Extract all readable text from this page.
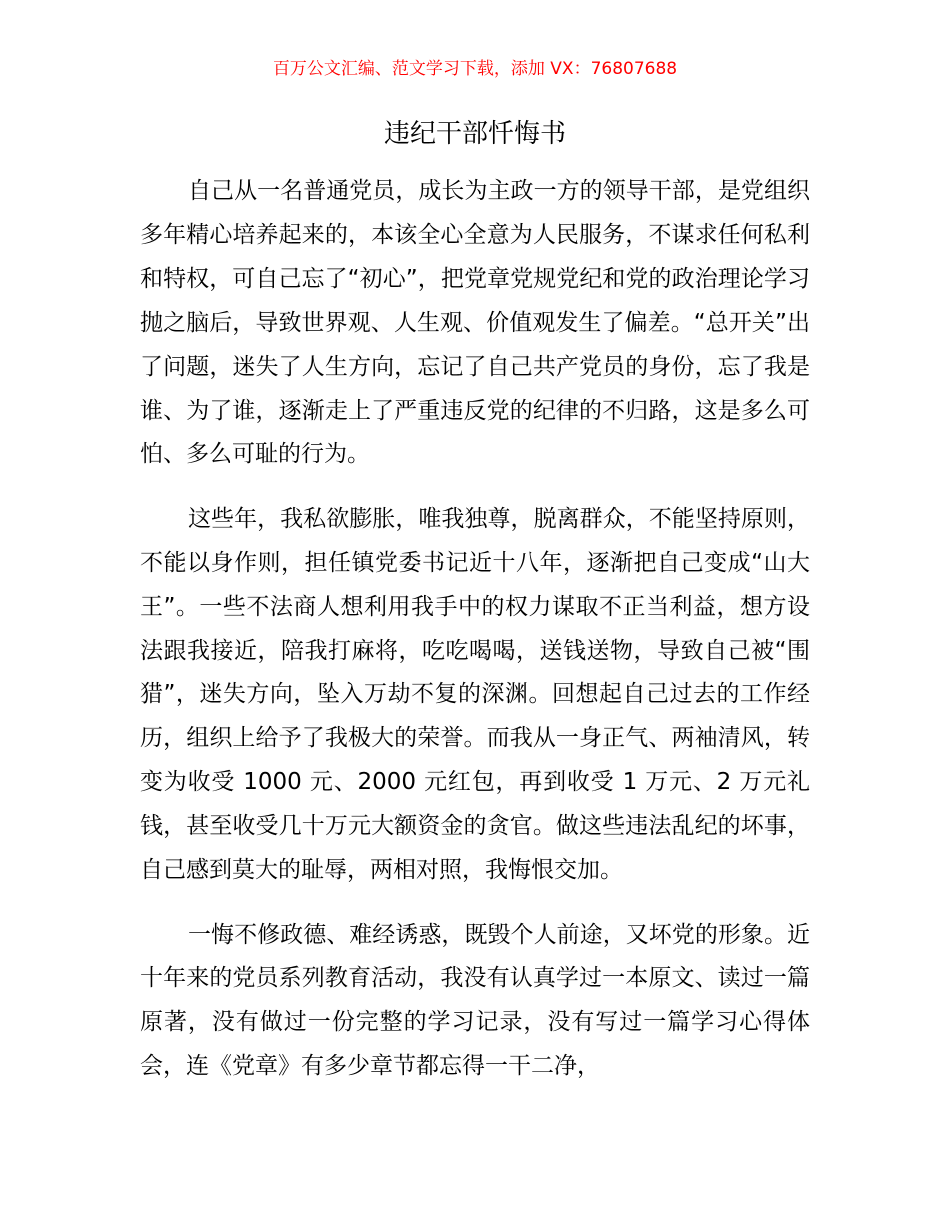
百万公文汇编、范文学习下载，添加 VX：76807688
违纪干部忏悔书

自己从一名普通党员，成长为主政一方的领导干部，是党组织多年精心培养起来的，本该全心全意为人民服务，不谋求任何私利和特权，可自己忘了“初心”，把党章党规党纪和党的政治理论学习抛之脑后，导致世界观、人生观、价值观发生了偏差。“总开关”出了问题，迷失了人生方向，忘记了自己共产党员的身份，忘了我是谁、为了谁，逐渐走上了严重违反党的纪律的不归路，这是多么可怕、多么可耻的行为。

这些年，我私欲膨胀，唯我独尊，脱离群众，不能坚持原则，不能以身作则，担任镇党委书记近十八年，逐渐把自己变成“山大王”。一些不法商人想利用我手中的权力谋取不正当利益，想方设法跟我接近，陪我打麻将，吃吃喝喝，送钱送物，导致自己被“围猎”，迷失方向，坠入万劫不复的深渊。回想起自己过去的工作经历，组织上给予了我极大的荣誉。而我从一身正气、两袖清风，转变为收受 1000 元、2000 元红包，再到收受 1 万元、2 万元礼钱，甚至收受几十万元大额资金的贪官。做这些违法乱纪的坏事，自己感到莫大的耻辱，两相对照，我悔恨交加。

一悔不修政德、难经诱惑，既毁个人前途，又坏党的形象。近十年来的党员系列教育活动，我没有认真学过一本原文、读过一篇原著，没有做过一份完整的学习记录，没有写过一篇学习心得体会，连《党章》有多少章节都忘得一干二净，
